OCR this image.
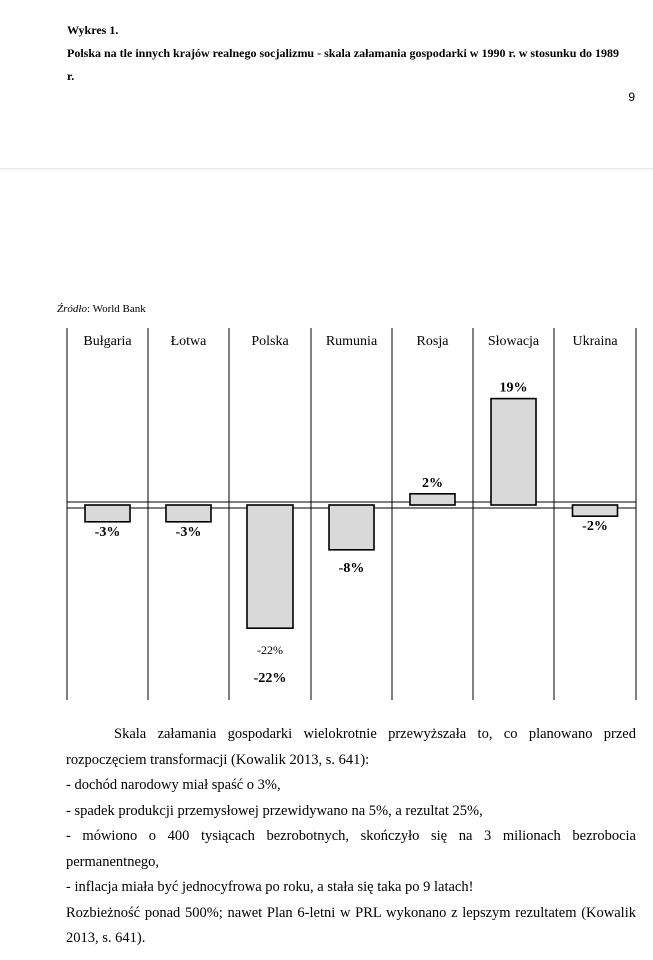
Wykres 1.
Polska na tle innych krajów realnego socjalizmu - skala załamania gospodarki w 1990 r. w stosunku do 1989 r.
9
Źródło: World Bank
Bułgaria
-3%
Łotwa
-3%
Polska
-22%
Rumunia
-8%
Rosja
2%
Słowacja
19%
Ukraina
-2%
-22%

Skala załamania gospodarki wielokrotnie przewyższała to, co planowano przed rozpoczęciem transformacji (Kowalik 2013, s. 641):

- dochód narodowy miał spaść o 3%,

- spadek produkcji przemysłowej przewidywano na 5%, a rezultat 25%,

- mówiono o 400 tysiącach bezrobotnych, skończyło się na 3 milionach bezrobocia permanentnego,

- inflacja miała być jednocyfrowa po roku, a stała się taka po 9 latach!

Rozbieżność ponad 500%; nawet Plan 6-letni w PRL wykonano z lepszym rezultatem (Kowalik 2013, s. 641).
